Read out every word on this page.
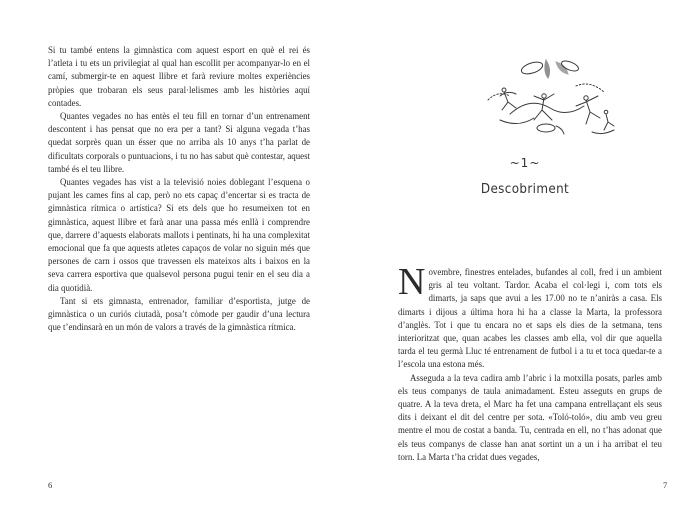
Si tu també entens la gimnàstica com aquest esport en què el rei és l’atleta i tu ets un privilegiat al qual han escollit per acompanyar-lo en el camí, submergir-te en aquest llibre et farà reviure moltes experiències pròpies que trobaran els seus paral·lelismes amb les històries aquí contades.

Quantes vegades no has entès el teu fill en tornar d’un entrenament descontent i has pensat que no era per a tant? Si alguna vegada t’has quedat sorprès quan un ésser que no arriba als 10 anys t’ha parlat de dificultats corporals o puntuacions, i tu no has sabut què contestar, aquest també és el teu llibre.

Quantes vegades has vist a la televisió noies doblegant l’esquena o pujant les cames fins al cap, però no ets capaç d’encertar si es tracta de gimnàstica rítmica o artística? Si ets dels que ho resumeixen tot en gimnàstica, aquest llibre et farà anar una passa més enllà i comprendre que, darrere d’aquests elaborats mallots i pentinats, hi ha una complexitat emocional que fa que aquests atletes capaços de volar no siguin més que persones de carn i ossos que travessen els mateixos alts i baixos en la seva carrera esportiva que qualsevol persona pugui tenir en el seu dia a dia quotidià.

Tant si ets gimnasta, entrenador, familiar d’esportista, jutge de gimnàstica o un curiós ciutadà, posa’t còmode per gaudir d’una lectura que t’endinsarà en un món de valors a través de la gimnàstica rítmica.

6
~1~
Descobriment

Novembre, finestres entelades, bufandes al coll, fred i un ambient gris al teu voltant. Tardor. Acaba el col·legi i, com tots els dimarts, ja saps que avui a les 17.00 no te n’aniràs a casa. Els dimarts i dijous a última hora hi ha a classe la Marta, la professora d’anglès. Tot i que tu encara no et saps els dies de la setmana, tens interioritzat que, quan acabes les classes amb ella, vol dir que aquella tarda el teu germà Lluc té entrenament de futbol i a tu et toca quedar-te a l’escola una estona més.

Asseguda a la teva cadira amb l’abric i la motxilla posats, parles amb els teus companys de taula animadament. Esteu asseguts en grups de quatre. A la teva dreta, el Marc ha fet una campana entrellaçant els seus dits i deixant el dit del centre per sota. «Toló-toló», diu amb veu greu mentre el mou de costat a banda. Tu, centrada en ell, no t’has adonat que els teus companys de classe han anat sortint un a un i ha arribat el teu torn. La Marta t’ha cridat dues vegades,

7
